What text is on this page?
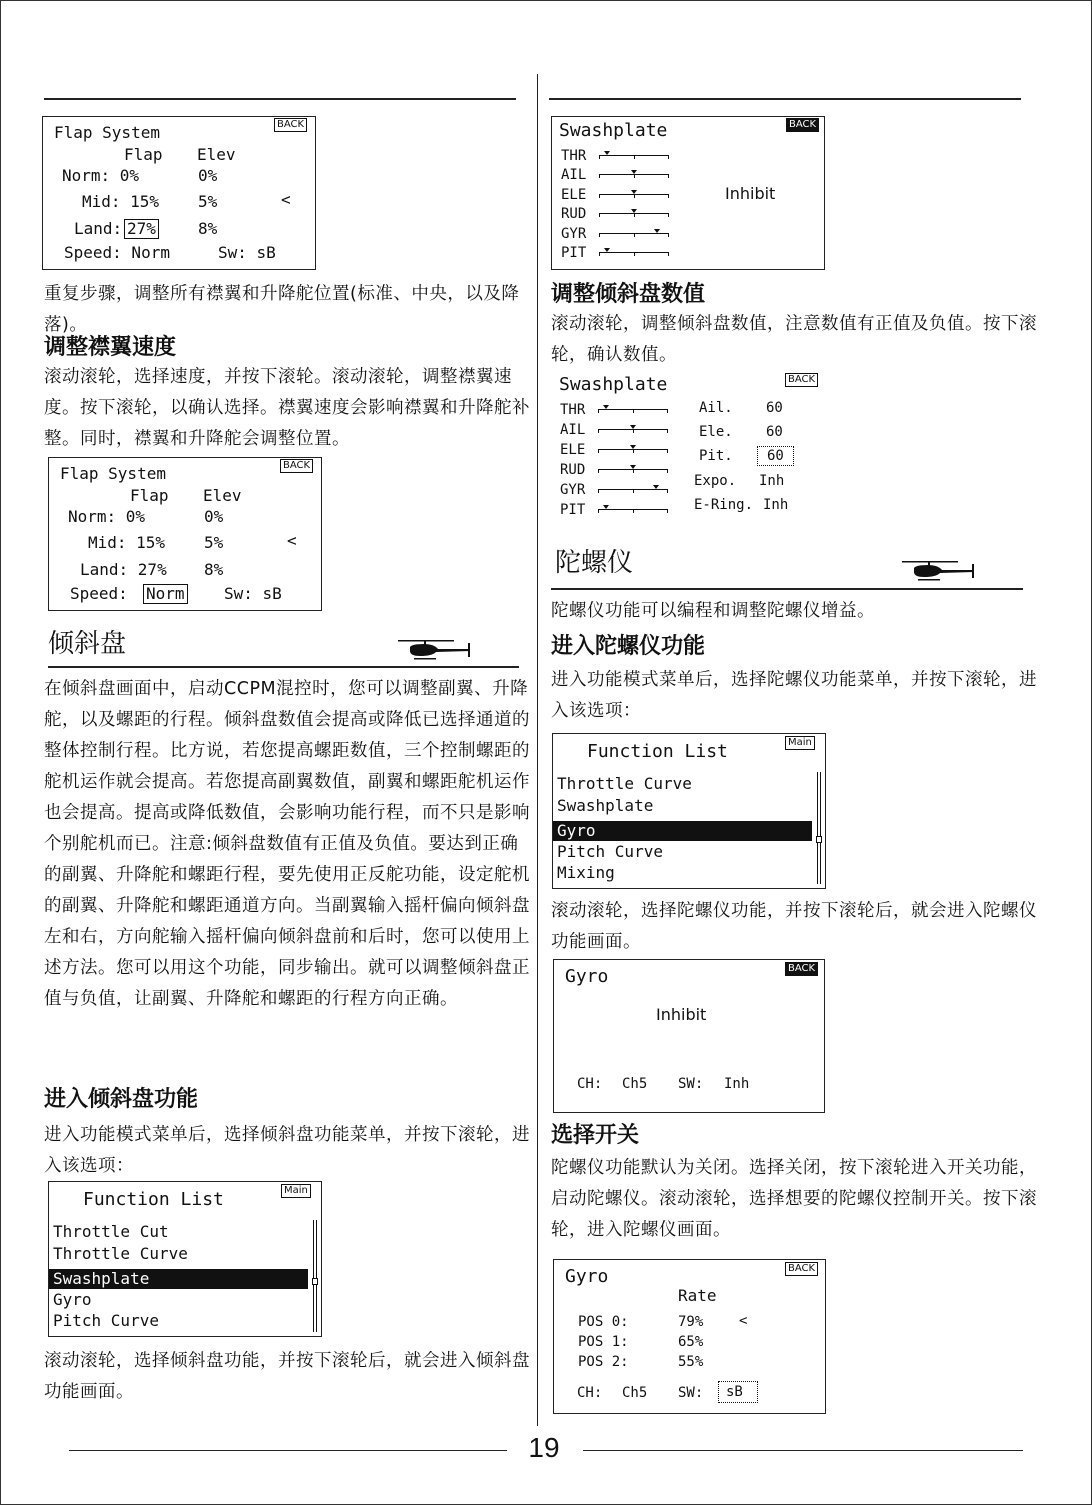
Flap System	BACK
Flap Elev
Norm: 0%	0%
Mid: 15% 5%	<
Land: 27%	8%
Speed: Norm	Sw: sB
重复步骤，调整所有襟翼和升降舵位置(标准、中央，以及降落)。
调整襟翼速度
滚动滚轮，选择速度，并按下滚轮。滚动滚轮，调整襟翼速度。按下滚轮，以确认选择。襟翼速度会影响襟翼和升降舵补整。同时，襟翼和升降舵会调整位置。
Flap System	BACK
Flap Elev
Norm: 0%	0%
Mid: 15% 5%	<
Land: 27% 8%
Speed: Norm Sw: sB
倾斜盘
在倾斜盘画面中，启动CCPM混控时，您可以调整副翼、升降舵，以及螺距的行程。倾斜盘数值会提高或降低已选择通道的整体控制行程。比方说，若您提高螺距数值，三个控制螺距的舵机运作就会提高。若您提高副翼数值，副翼和螺距舵机运作也会提高。提高或降低数值，会影响功能行程，而不只是影响个别舵机而已。注意:倾斜盘数值有正值及负值。要达到正确的副翼、升降舵和螺距行程，要先使用正反舵功能，设定舵机的副翼、升降舵和螺距通道方向。当副翼输入摇杆偏向倾斜盘左和右，方向舵输入摇杆偏向倾斜盘前和后时，您可以使用上述方法。您可以用这个功能，同步输出。就可以调整倾斜盘正值与负值，让副翼、升降舵和螺距的行程方向正确。
进入倾斜盘功能
进入功能模式菜单后，选择倾斜盘功能菜单，并按下滚轮，进入该选项：
Function List	Main
Throttle Cut
Throttle Curve
Swashplate
Gyro
Pitch Curve
滚动滚轮，选择倾斜盘功能，并按下滚轮后，就会进入倾斜盘功能画面。
Swashplate	BACK
THR
AIL
ELE
RUD
GYR
PIT
Inhibit
调整倾斜盘数值
滚动滚轮，调整倾斜盘数值，注意数值有正值及负值。按下滚轮，确认数值。
Swashplate	BACK
THR
AIL
ELE
RUD
GYR
PIT
Ail. 60
Ele. 60
Pit.	60
Expo. Inh
E-Ring. Inh
陀螺仪
陀螺仪功能可以编程和调整陀螺仪增益。
进入陀螺仪功能
进入功能模式菜单后，选择陀螺仪功能菜单，并按下滚轮，进入该选项：
Function List	Main
Throttle Curve
Swashplate
Gyro
Pitch Curve
Mixing
滚动滚轮，选择陀螺仪功能，并按下滚轮后，就会进入陀螺仪功能画面。
Gyro	BACK
Inhibit
CH: Ch5 SW: Inh
选择开关
陀螺仪功能默认为关闭。选择关闭，按下滚轮进入开关功能，启动陀螺仪。滚动滚轮，选择想要的陀螺仪控制开关。按下滚轮，进入陀螺仪画面。
Gyro	BACK
Rate
POS 0:	79%	<
POS 1:	65%
POS 2:	55%
CH: Ch5 SW:	sB
19
